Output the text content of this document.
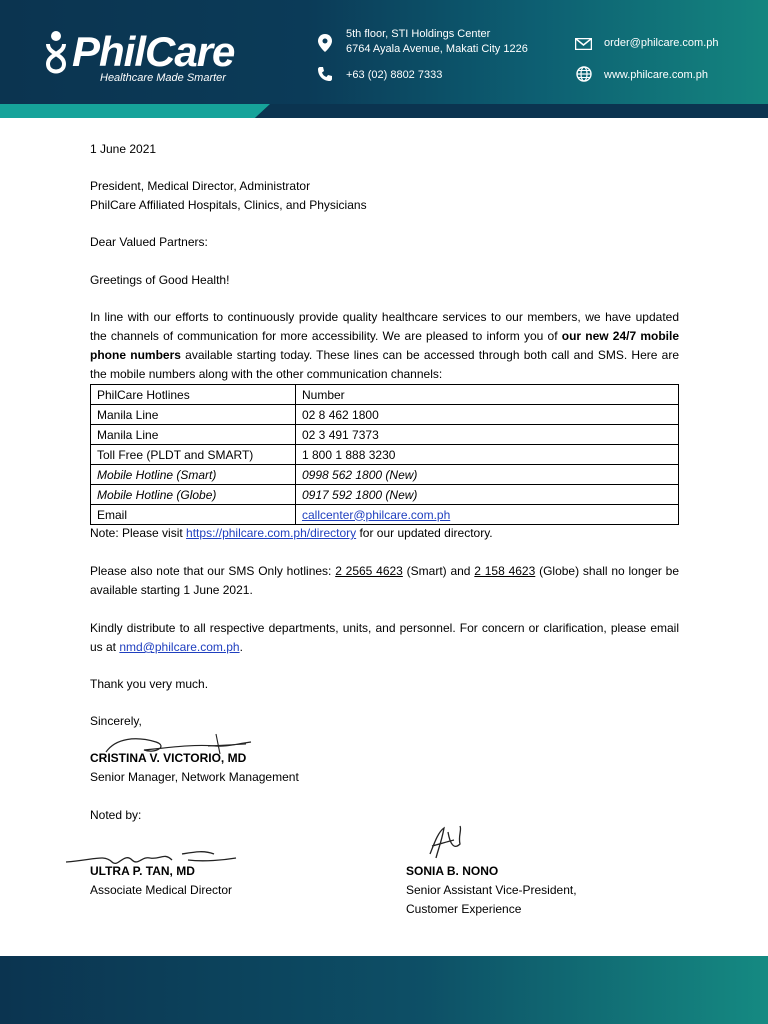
PhilCare
Healthcare Made Smarter
5th floor, STI Holdings Center
6764 Ayala Avenue, Makati City 1226
+63 (02) 8802 7333
order@philcare.com.ph
www.philcare.com.ph
1 June 2021
President, Medical Director, Administrator
PhilCare Affiliated Hospitals, Clinics, and Physicians
Dear Valued Partners:
Greetings of Good Health!
In line with our efforts to continuously provide quality healthcare services to our members, we have updated the channels of communication for more accessibility. We are pleased to inform you of our new 24/7 mobile phone numbers available starting today. These lines can be accessed through both call and SMS. Here are the mobile numbers along with the other communication channels:
PhilCare Hotlines	Number
Manila Line	02 8 462 1800
Manila Line	02 3 491 7373
Toll Free (PLDT and SMART)	1 800 1 888 3230
Mobile Hotline (Smart)	0998 562 1800 (New)
Mobile Hotline (Globe)	0917 592 1800 (New)
Email	callcenter@philcare.com.ph
Note: Please visit https://philcare.com.ph/directory for our updated directory.
Please also note that our SMS Only hotlines: 2 2565 4623 (Smart) and 2 158 4623 (Globe) shall no longer be available starting 1 June 2021.
Kindly distribute to all respective departments, units, and personnel. For concern or clarification, please email us at nmd@philcare.com.ph.
Thank you very much.
Sincerely,
CRISTINA V. VICTORIO, MD
Senior Manager, Network Management
Noted by:
ULTRA P. TAN, MD
Associate Medical Director
SONIA B. NONO
Senior Assistant Vice-President,
Customer Experience
